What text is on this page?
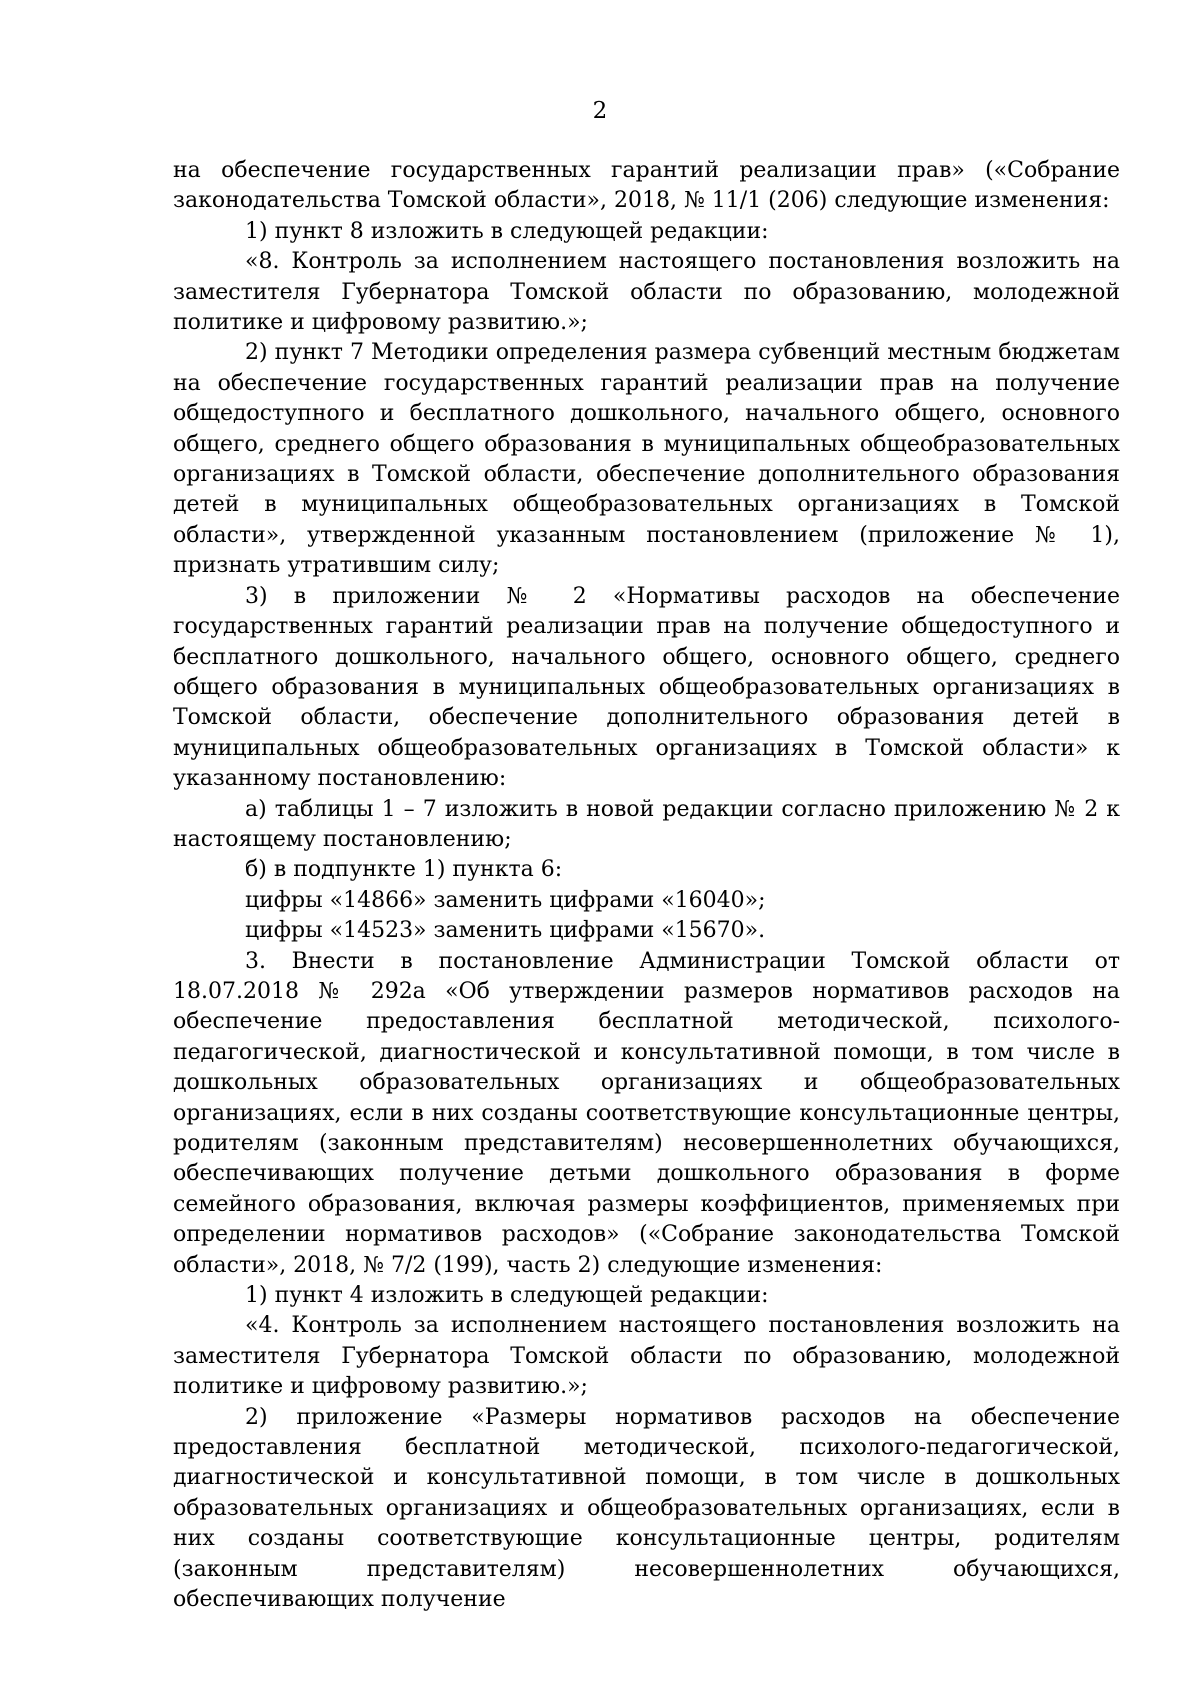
2

на обеспечение государственных гарантий реализации прав» («Собрание законодательства Томской области», 2018, № 11/1 (206) следующие изменения:

1) пункт 8 изложить в следующей редакции:

«8. Контроль за исполнением настоящего постановления возложить на заместителя Губернатора Томской области по образованию, молодежной политике и цифровому развитию.»;

2) пункт 7 Методики определения размера субвенций местным бюджетам на обеспечение государственных гарантий реализации прав на получение общедоступного и бесплатного дошкольного, начального общего, основного общего, среднего общего образования в муниципальных общеобразовательных организациях в Томской области, обеспечение дополнительного образования детей в муниципальных общеобразовательных организациях в Томской области», утвержденной указанным постановлением (приложение № 1), признать утратившим силу;

3) в приложении № 2 «Нормативы расходов на обеспечение государственных гарантий реализации прав на получение общедоступного и бесплатного дошкольного, начального общего, основного общего, среднего общего образования в муниципальных общеобразовательных организациях в Томской области, обеспечение дополнительного образования детей в муниципальных общеобразовательных организациях в Томской области» к указанному постановлению:

а) таблицы 1 – 7 изложить в новой редакции согласно приложению № 2 к настоящему постановлению;

б) в подпункте 1) пункта 6:

цифры «14866» заменить цифрами «16040»;

цифры «14523» заменить цифрами «15670».

3. Внести в постановление Администрации Томской области от 18.07.2018 № 292а «Об утверждении размеров нормативов расходов на обеспечение предоставления бесплатной методической, психолого-педагогической, диагностической и консультативной помощи, в том числе в дошкольных образовательных организациях и общеобразовательных организациях, если в них созданы соответствующие консультационные центры, родителям (законным представителям) несовершеннолетних обучающихся, обеспечивающих получение детьми дошкольного образования в форме семейного образования, включая размеры коэффициентов, применяемых при определении нормативов расходов» («Собрание законодательства Томской области», 2018, № 7/2 (199), часть 2) следующие изменения:

1) пункт 4 изложить в следующей редакции:

«4. Контроль за исполнением настоящего постановления возложить на заместителя Губернатора Томской области по образованию, молодежной политике и цифровому развитию.»;

2) приложение «Размеры нормативов расходов на обеспечение предоставления бесплатной методической, психолого-педагогической, диагностической и консультативной помощи, в том числе в дошкольных образовательных организациях и общеобразовательных организациях, если в них созданы соответствующие консультационные центры, родителям (законным представителям) несовершеннолетних обучающихся, обеспечивающих получение
